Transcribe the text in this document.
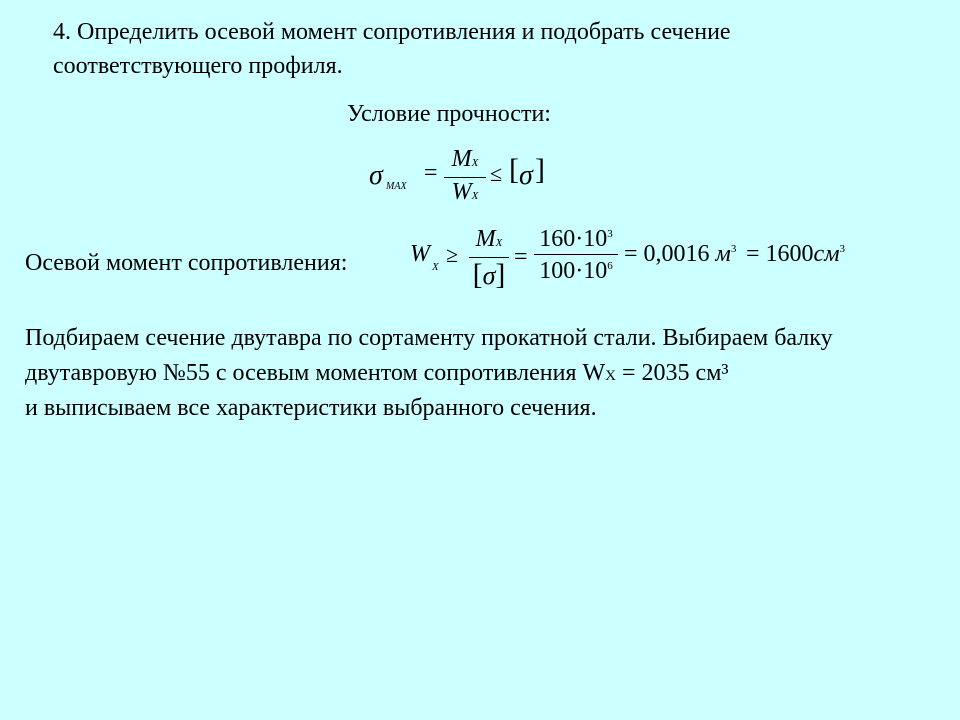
4. Определить осевой момент сопротивления и подобрать сечение
соответствующего профиля.
Условие прочности:
σ MAX
=
MX
WX
≤ [ σ ]
Осевой момент сопротивления:	W X ≥
MX
[σ]
=
$160\cdot 10^3$
$100\cdot 10^6 = 0,0016$ $м^3 = 1600см^3$
Подбираем сечение двутавра по сортаменту прокатной стали. Выбираем балку
двутавровую №55 с осевым моментом сопротивления WX = 2035 см³
и выписываем все характеристики выбранного сечения.
